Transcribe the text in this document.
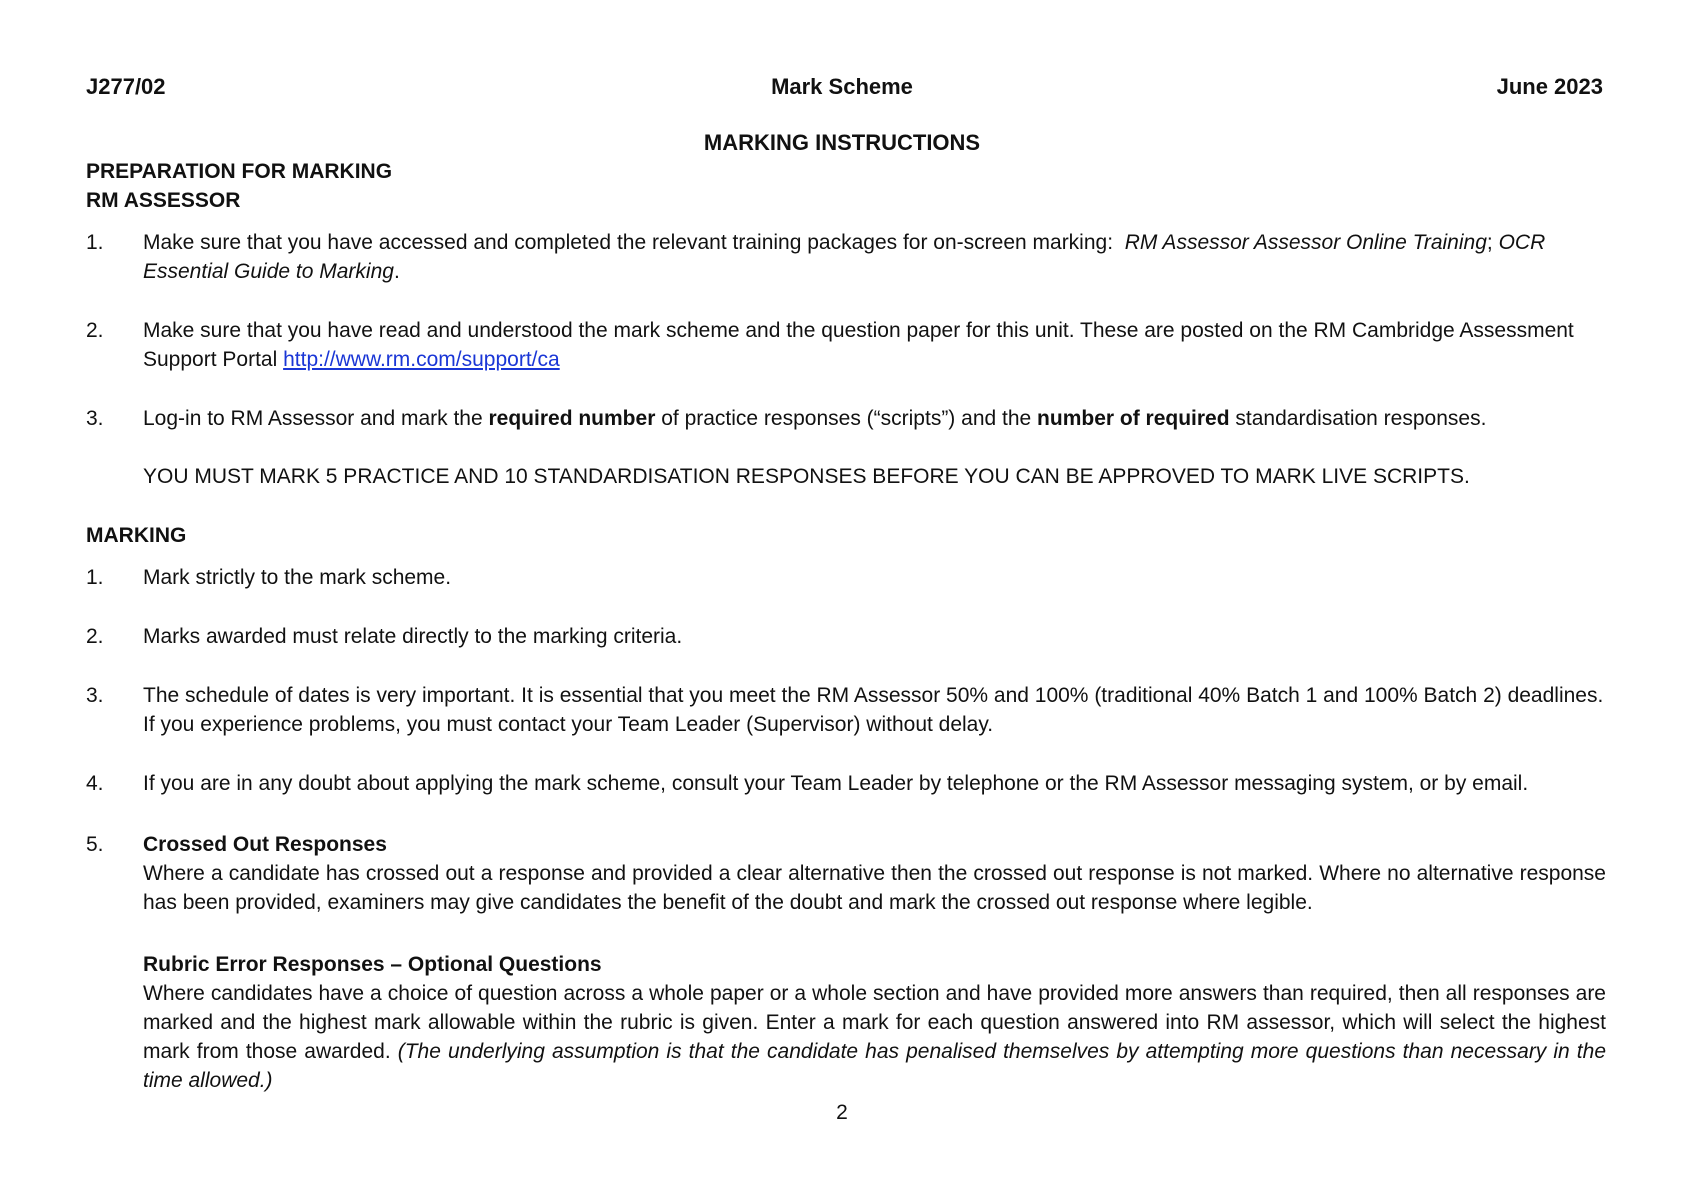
J277/02	Mark Scheme	June 2023
MARKING INSTRUCTIONS
PREPARATION FOR MARKING
RM ASSESSOR
1.	Make sure that you have accessed and completed the relevant training packages for on-screen marking: RM Assessor Assessor Online Training; OCR Essential Guide to Marking.
2.	Make sure that you have read and understood the mark scheme and the question paper for this unit. These are posted on the RM Cambridge Assessment Support Portal http://www.rm.com/support/ca
3.	Log-in to RM Assessor and mark the required number of practice responses (“scripts”) and the number of required standardisation responses.
YOU MUST MARK 5 PRACTICE AND 10 STANDARDISATION RESPONSES BEFORE YOU CAN BE APPROVED TO MARK LIVE SCRIPTS.
MARKING
1.	Mark strictly to the mark scheme.
2.	Marks awarded must relate directly to the marking criteria.
3.	The schedule of dates is very important. It is essential that you meet the RM Assessor 50% and 100% (traditional 40% Batch 1 and 100% Batch 2) deadlines. If you experience problems, you must contact your Team Leader (Supervisor) without delay.
4.	If you are in any doubt about applying the mark scheme, consult your Team Leader by telephone or the RM Assessor messaging system, or by email.
5.	Crossed Out Responses
Where a candidate has crossed out a response and provided a clear alternative then the crossed out response is not marked. Where no alternative response has been provided, examiners may give candidates the benefit of the doubt and mark the crossed out response where legible.
Rubric Error Responses – Optional Questions
Where candidates have a choice of question across a whole paper or a whole section and have provided more answers than required, then all responses are marked and the highest mark allowable within the rubric is given. Enter a mark for each question answered into RM assessor, which will select the highest mark from those awarded. (The underlying assumption is that the candidate has penalised themselves by attempting more questions than necessary in the time allowed.)
2
